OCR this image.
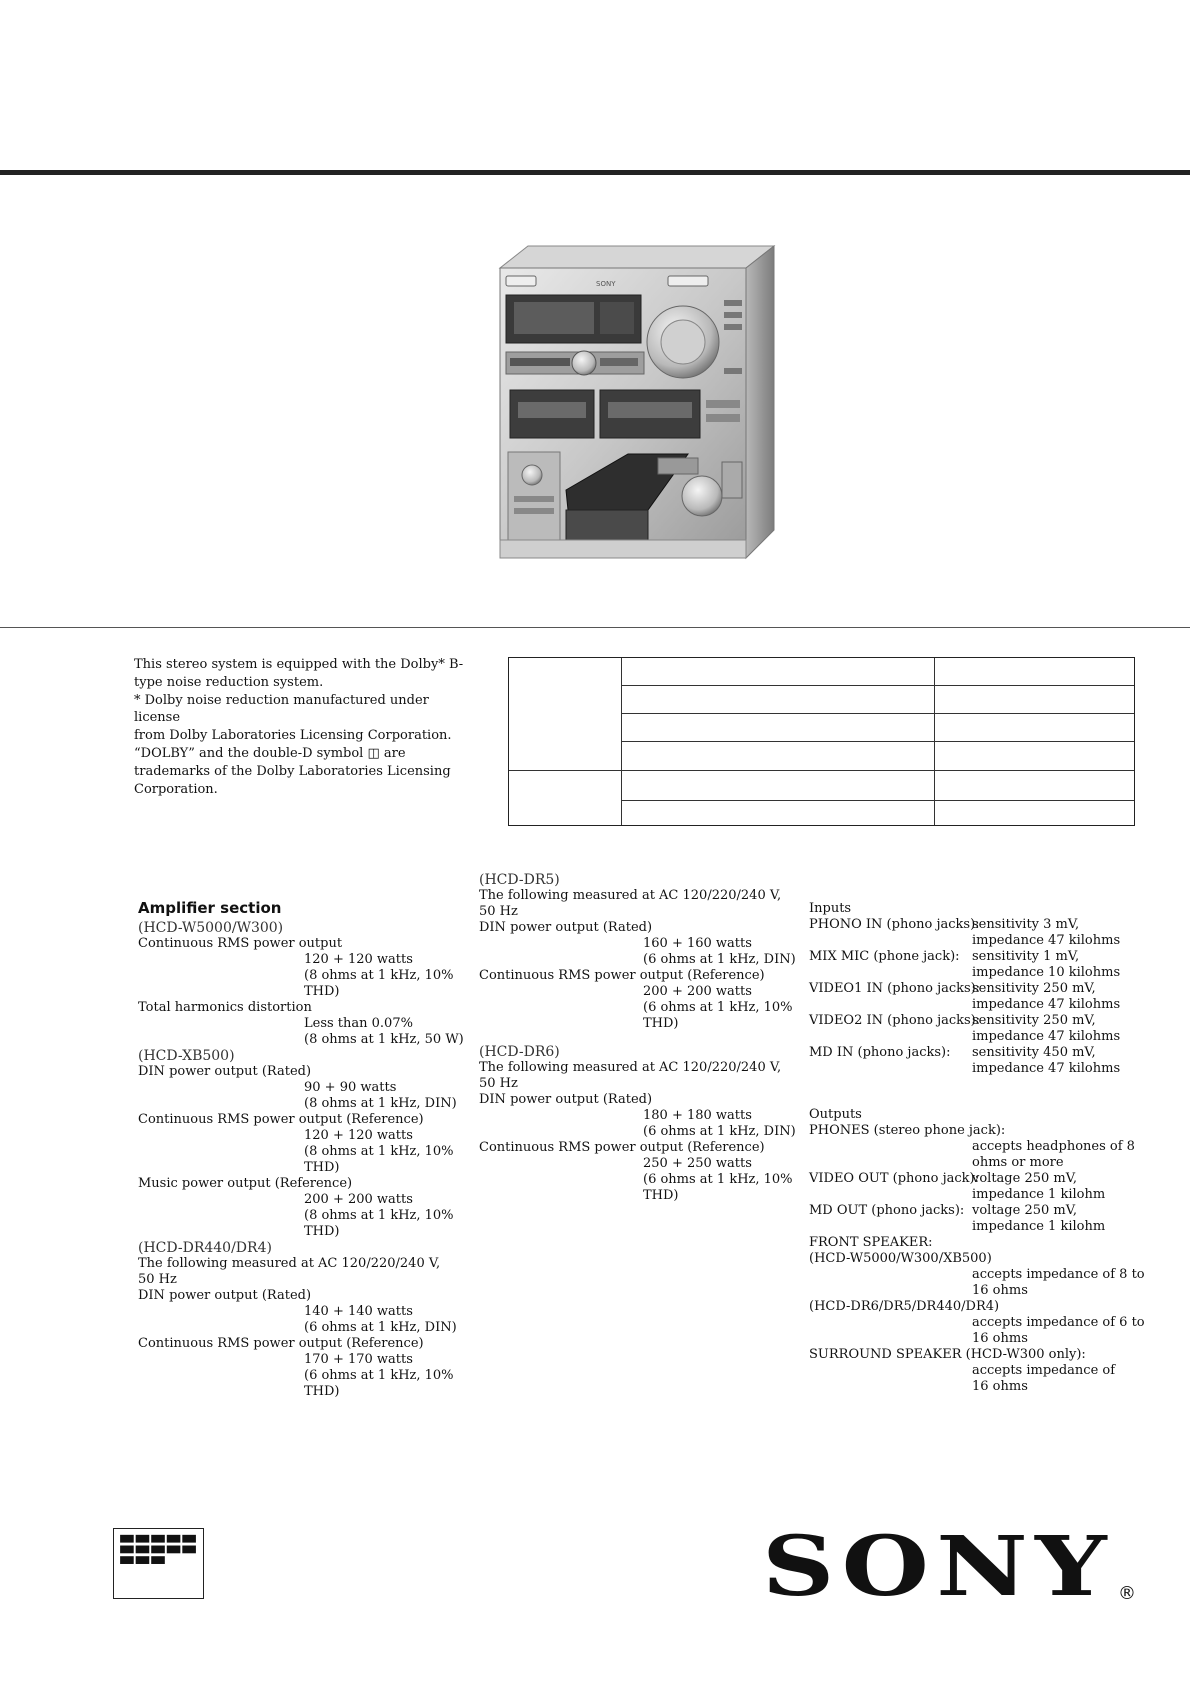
SONY

This stereo system is equipped with the Dolby* B-

type noise reduction system.

* Dolby noise reduction manufactured under license

from Dolby Laboratories Licensing Corporation.

“DOLBY” and the double-D symbol ◫ are

trademarks of the Dolby Laboratories Licensing

Corporation.

Amplifier section
(HCD-W5000/W300)
Continuous RMS power output
120 + 120 watts
(8 ohms at 1 kHz, 10%
THD)
Total harmonics distortion
Less than 0.07%
(8 ohms at 1 kHz, 50 W)
(HCD-XB500)
DIN power output (Rated)
90 + 90 watts
(8 ohms at 1 kHz, DIN)
Continuous RMS power output (Reference)
120 + 120 watts
(8 ohms at 1 kHz, 10%
THD)
Music power output (Reference)
200 + 200 watts
(8 ohms at 1 kHz, 10%
THD)
(HCD-DR440/DR4)
The following measured at AC 120/220/240 V,
50 Hz
DIN power output (Rated)
140 + 140 watts
(6 ohms at 1 kHz, DIN)
Continuous RMS power output (Reference)
170 + 170 watts
(6 ohms at 1 kHz, 10%
THD)
(HCD-DR5)
The following measured at AC 120/220/240 V,
50 Hz
DIN power output (Rated)
160 + 160 watts
(6 ohms at 1 kHz, DIN)
Continuous RMS power output (Reference)
200 + 200 watts
(6 ohms at 1 kHz, 10%
THD)
(HCD-DR6)
The following measured at AC 120/220/240 V,
50 Hz
DIN power output (Rated)
180 + 180 watts
(6 ohms at 1 kHz, DIN)
Continuous RMS power output (Reference)
250 + 250 watts
(6 ohms at 1 kHz, 10%
THD)
Inputs
PHONO IN (phono jacks):
sensitivity 3 mV,
impedance 47 kilohms
MIX MIC (phone jack): sensitivity 1 mV,
impedance 10 kilohms
VIDEO1 IN (phono jacks):
sensitivity 250 mV,
impedance 47 kilohms
VIDEO2 IN (phono jacks):
sensitivity 250 mV,
impedance 47 kilohms
MD IN (phono jacks): sensitivity 450 mV,
impedance 47 kilohms
Outputs
PHONES (stereo phone jack):
accepts headphones of 8
ohms or more
VIDEO OUT (phono jack):
voltage 250 mV,
impedance 1 kilohm
MD OUT (phono jacks): voltage 250 mV,
impedance 1 kilohm
FRONT SPEAKER:
(HCD-W5000/W300/XB500)
accepts impedance of 8 to
16 ohms
(HCD-DR6/DR5/DR440/DR4)
accepts impedance of 6 to
16 ohms
SURROUND SPEAKER (HCD-W300 only):
accepts impedance of
16 ohms
SONY ®
